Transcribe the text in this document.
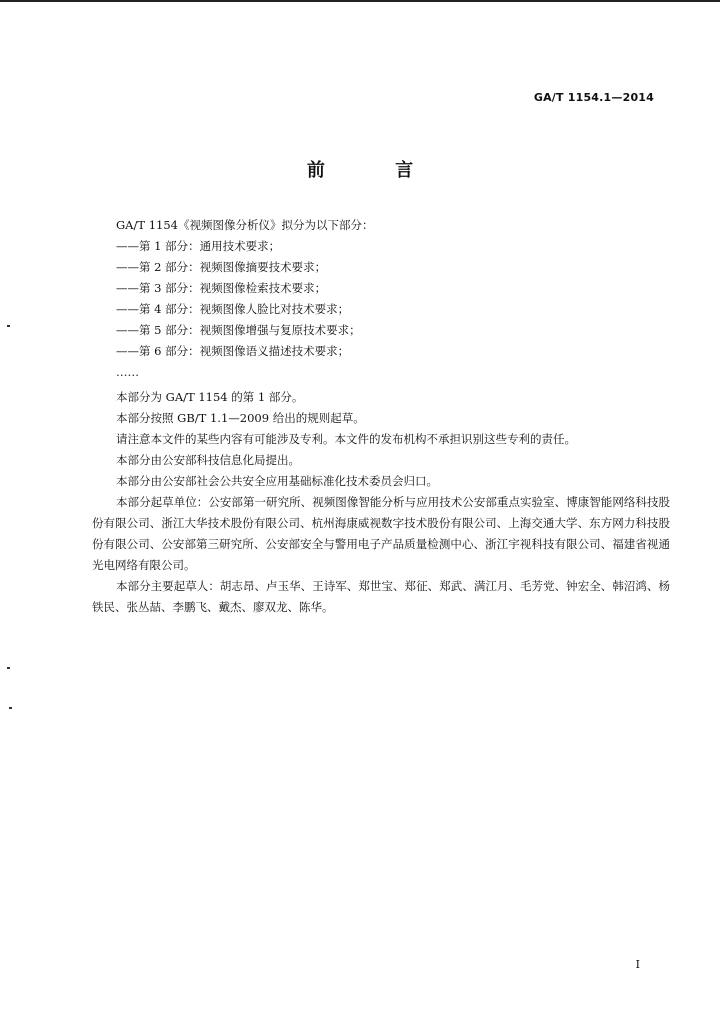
GA/T 1154.1—2014
前 言

GA/T 1154《视频图像分析仪》拟分为以下部分：

——第 1 部分：通用技术要求；

——第 2 部分：视频图像摘要技术要求；

——第 3 部分：视频图像检索技术要求；

——第 4 部分：视频图像人脸比对技术要求；

——第 5 部分：视频图像增强与复原技术要求；

——第 6 部分：视频图像语义描述技术要求；

……

本部分为 GA/T 1154 的第 1 部分。

本部分按照 GB/T 1.1—2009 给出的规则起草。

请注意本文件的某些内容有可能涉及专利。本文件的发布机构不承担识别这些专利的责任。

本部分由公安部科技信息化局提出。

本部分由公安部社会公共安全应用基础标准化技术委员会归口。

本部分起草单位：公安部第一研究所、视频图像智能分析与应用技术公安部重点实验室、博康智能网络科技股份有限公司、浙江大华技术股份有限公司、杭州海康威视数字技术股份有限公司、上海交通大学、东方网力科技股份有限公司、公安部第三研究所、公安部安全与警用电子产品质量检测中心、浙江宇视科技有限公司、福建省视通光电网络有限公司。

本部分主要起草人：胡志昂、卢玉华、王诗军、郑世宝、郑征、郑武、满江月、毛芳党、钟宏全、韩沼鸿、杨铁民、张丛喆、李鹏飞、戴杰、廖双龙、陈华。

I
